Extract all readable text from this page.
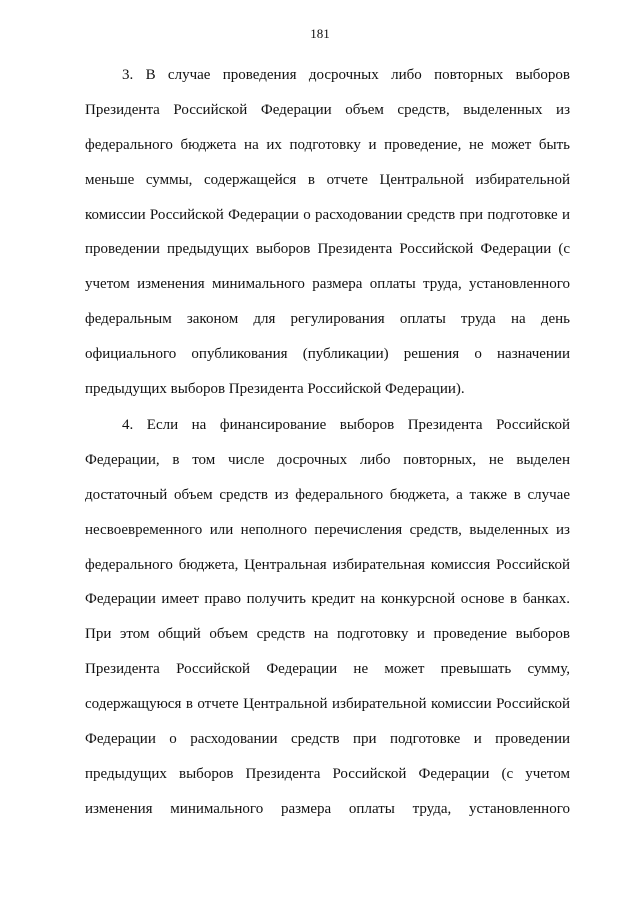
181
3. В случае проведения досрочных либо повторных выборов
Президента Российской Федерации объем средств, выделенных из
федерального бюджета на их подготовку и проведение, не может быть
меньше суммы, содержащейся в отчете Центральной избирательной
комиссии Российской Федерации о расходовании средств при подготовке и
проведении предыдущих выборов Президента Российской Федерации (с
учетом изменения минимального размера оплаты труда, установленного
федеральным законом для регулирования оплаты труда на день
официального опубликования (публикации) решения о назначении
предыдущих выборов Президента Российской Федерации).
4. Если на финансирование выборов Президента Российской
Федерации, в том числе досрочных либо повторных, не выделен
достаточный объем средств из федерального бюджета, а также в случае
несвоевременного или неполного перечисления средств, выделенных из
федерального бюджета, Центральная избирательная комиссия Российской
Федерации имеет право получить кредит на конкурсной основе в банках.
При этом общий объем средств на подготовку и проведение выборов
Президента Российской Федерации не может превышать сумму,
содержащуюся в отчете Центральной избирательной комиссии Российской
Федерации о расходовании средств при подготовке и проведении
предыдущих выборов Президента Российской Федерации (с учетом
изменения минимального размера оплаты труда, установленного
